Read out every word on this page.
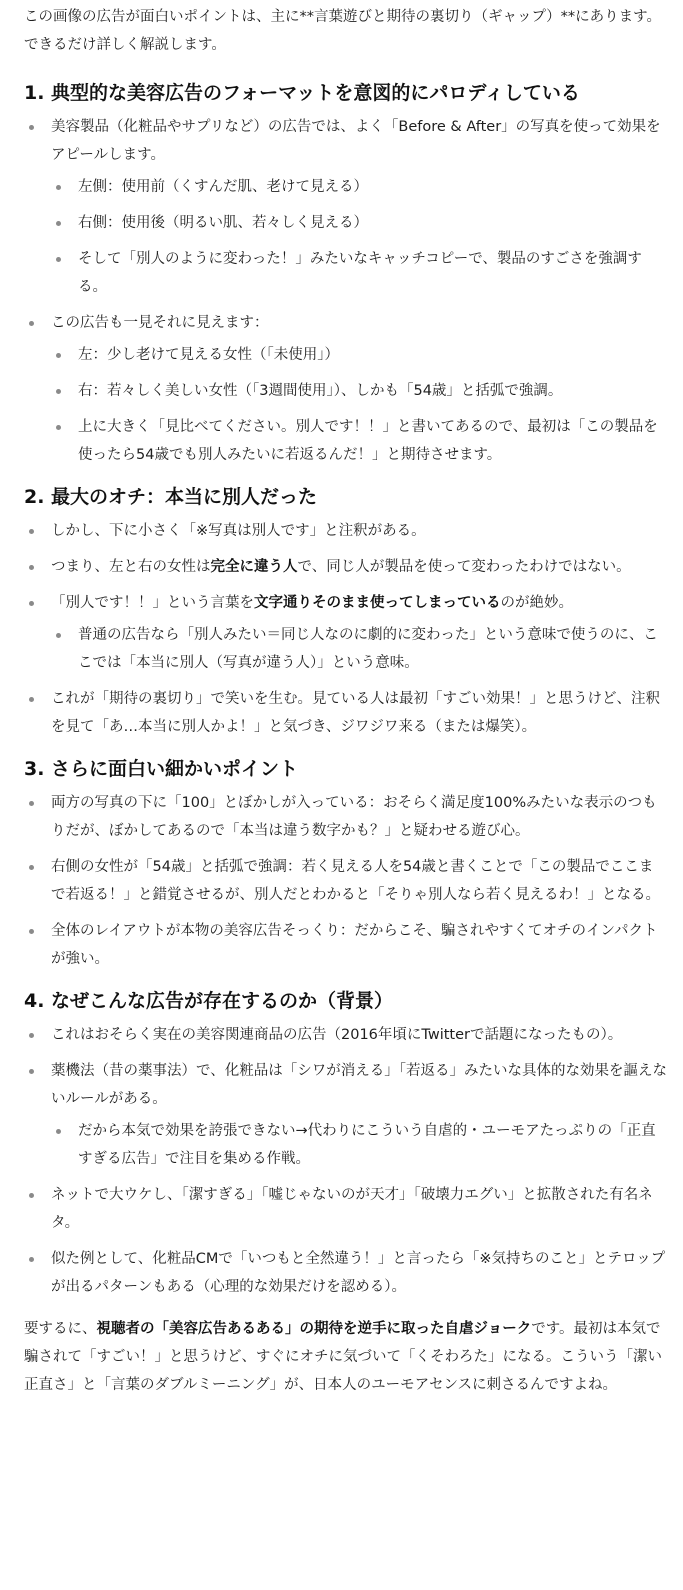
この画像の広告が面白いポイントは、主に**言葉遊びと期待の裏切り（ギャップ）**にあります。できるだけ詳しく解説します。

1. 典型的な美容広告のフォーマットを意図的にパロディしている
美容製品（化粧品やサプリなど）の広告では、よく「Before & After」の写真を使って効果をアピールします。
左側：使用前（くすんだ肌、老けて見える）
右側：使用後（明るい肌、若々しく見える）
そして「別人のように変わった！」みたいなキャッチコピーで、製品のすごさを強調する。
この広告も一見それに見えます：
左：少し老けて見える女性（「未使用」）
右：若々しく美しい女性（「3週間使用」）、しかも「54歳」と括弧で強調。
上に大きく「見比べてください。別人です！！」と書いてあるので、最初は「この製品を使ったら54歳でも別人みたいに若返るんだ！」と期待させます。
2. 最大のオチ：本当に別人だった
しかし、下に小さく「※写真は別人です」と注釈がある。
つまり、左と右の女性は完全に違う人で、同じ人が製品を使って変わったわけではない。
「別人です！！」という言葉を文字通りそのまま使ってしまっているのが絶妙。
普通の広告なら「別人みたい＝同じ人なのに劇的に変わった」という意味で使うのに、ここでは「本当に別人（写真が違う人）」という意味。
これが「期待の裏切り」で笑いを生む。見ている人は最初「すごい効果！」と思うけど、注釈を見て「あ…本当に別人かよ！」と気づき、ジワジワ来る（または爆笑）。
3. さらに面白い細かいポイント
両方の写真の下に「100」とぼかしが入っている：おそらく満足度100%みたいな表示のつもりだが、ぼかしてあるので「本当は違う数字かも？」と疑わせる遊び心。
右側の女性が「54歳」と括弧で強調：若く見える人を54歳と書くことで「この製品でここまで若返る！」と錯覚させるが、別人だとわかると「そりゃ別人なら若く見えるわ！」となる。
全体のレイアウトが本物の美容広告そっくり：だからこそ、騙されやすくてオチのインパクトが強い。
4. なぜこんな広告が存在するのか（背景）
これはおそらく実在の美容関連商品の広告（2016年頃にTwitterで話題になったもの）。
薬機法（昔の薬事法）で、化粧品は「シワが消える」「若返る」みたいな具体的な効果を謳えないルールがある。
だから本気で効果を誇張できない→代わりにこういう自虐的・ユーモアたっぷりの「正直すぎる広告」で注目を集める作戦。
ネットで大ウケし、「潔すぎる」「嘘じゃないのが天才」「破壊力エグい」と拡散された有名ネタ。
似た例として、化粧品CMで「いつもと全然違う！」と言ったら「※気持ちのこと」とテロップが出るパターンもある（心理的な効果だけを認める）。

要するに、視聴者の「美容広告あるある」の期待を逆手に取った自虐ジョークです。最初は本気で騙されて「すごい！」と思うけど、すぐにオチに気づいて「くそわろた」になる。こういう「潔い正直さ」と「言葉のダブルミーニング」が、日本人のユーモアセンスに刺さるんですよね。
